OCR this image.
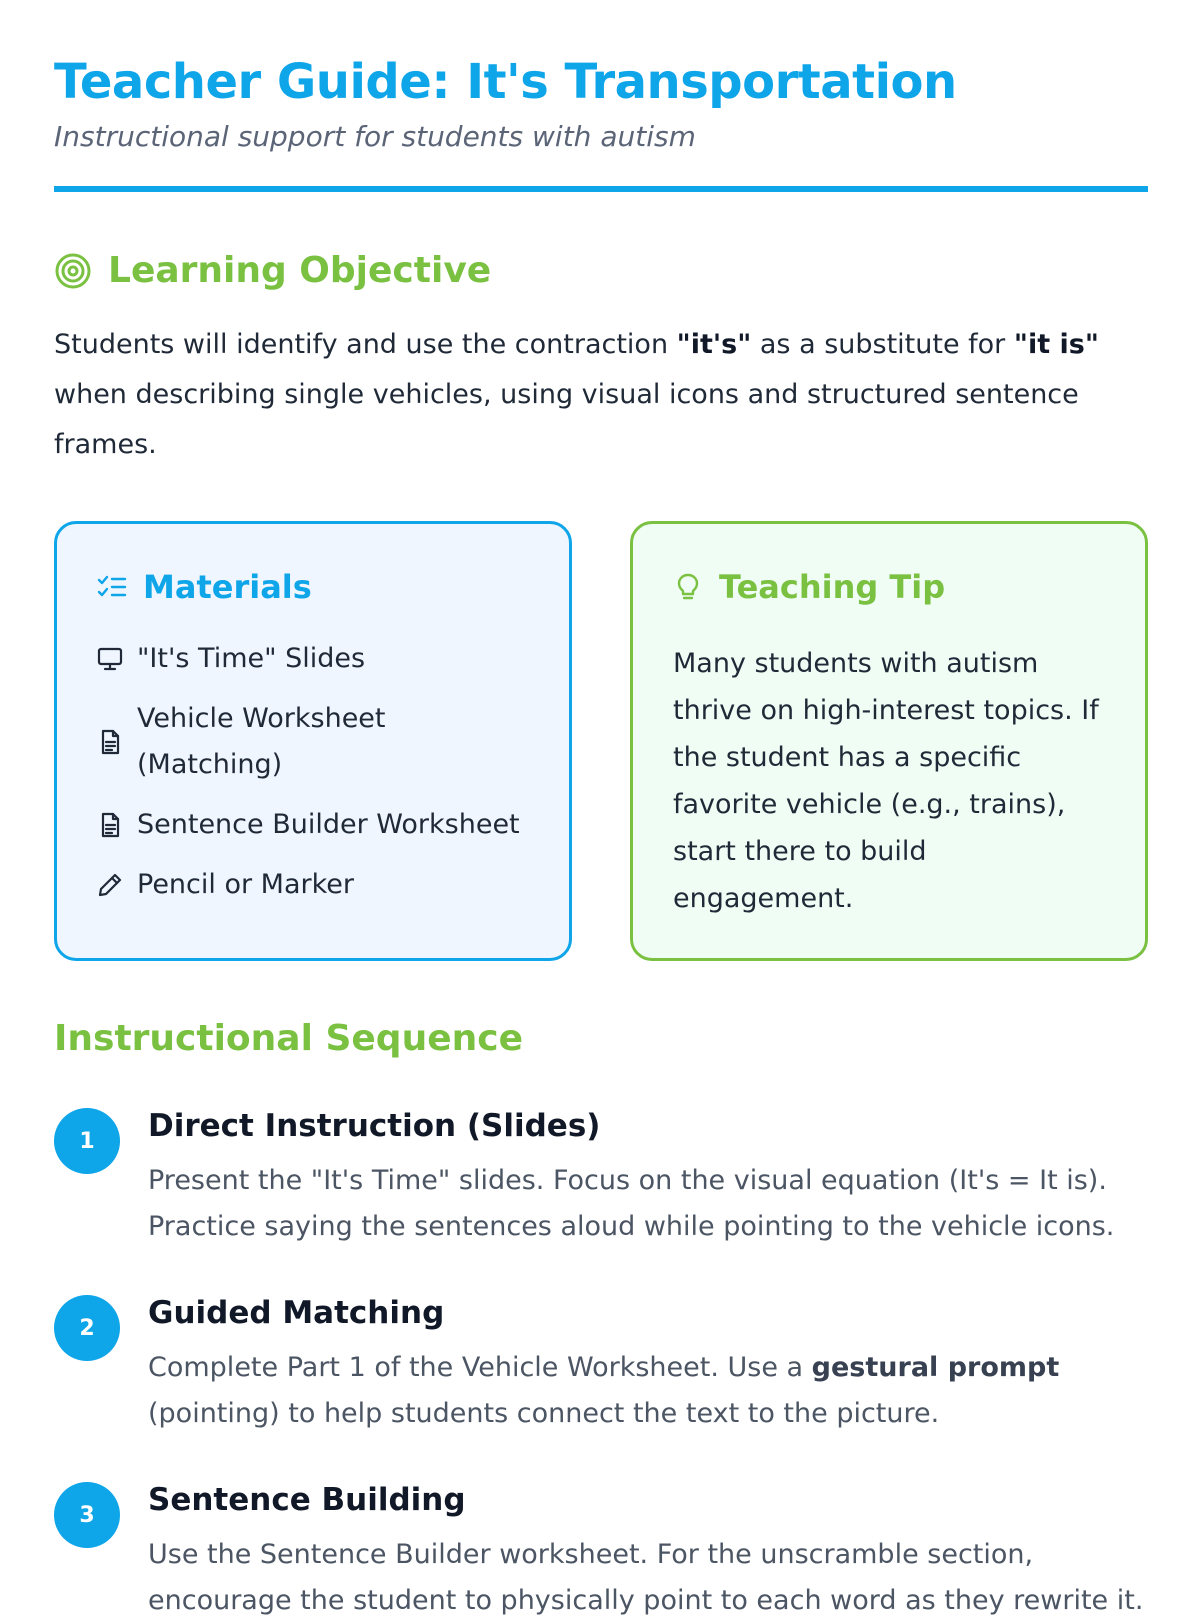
Teacher Guide: It's Transportation
Instructional support for students with autism
Learning Objective

Students will identify and use the contraction "it's" as a substitute for "it is" when describing single vehicles, using visual icons and structured sentence frames.

Materials
"It's Time" Slides
Vehicle Worksheet (Matching)
Sentence Builder Worksheet
Pencil or Marker
Teaching Tip

Many students with autism thrive on high-interest topics. If the student has a specific favorite vehicle (e.g., trains), start there to build engagement.

Instructional Sequence
1	Direct Instruction (Slides)

Present the "It's Time" slides. Focus on the visual equation (It's = It is). Practice saying the sentences aloud while pointing to the vehicle icons.

2	Guided Matching

Complete Part 1 of the Vehicle Worksheet. Use a gestural prompt (pointing) to help students connect the text to the picture.

3	Sentence Building

Use the Sentence Builder worksheet. For the unscramble section, encourage the student to physically point to each word as they rewrite it.
